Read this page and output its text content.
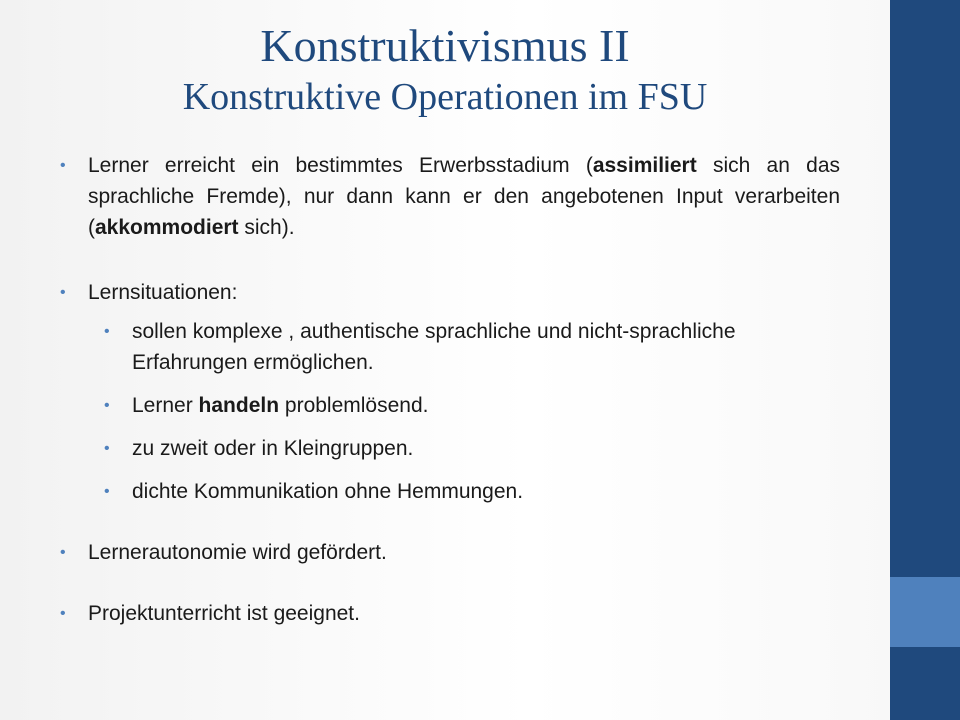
Konstruktivismus II
Konstruktive Operationen im FSU
• Lerner erreicht ein bestimmtes Erwerbsstadium (assimiliert sich an das sprachliche Fremde), nur dann kann er den angebotenen Input verarbeiten (akkommodiert sich).
• Lernsituationen:
• sollen komplexe , authentische sprachliche und nicht-sprachliche Erfahrungen ermöglichen.
• Lerner handeln problemlösend.
• zu zweit oder in Kleingruppen.
• dichte Kommunikation ohne Hemmungen.
• Lernerautonomie wird gefördert.
• Projektunterricht ist geeignet.
